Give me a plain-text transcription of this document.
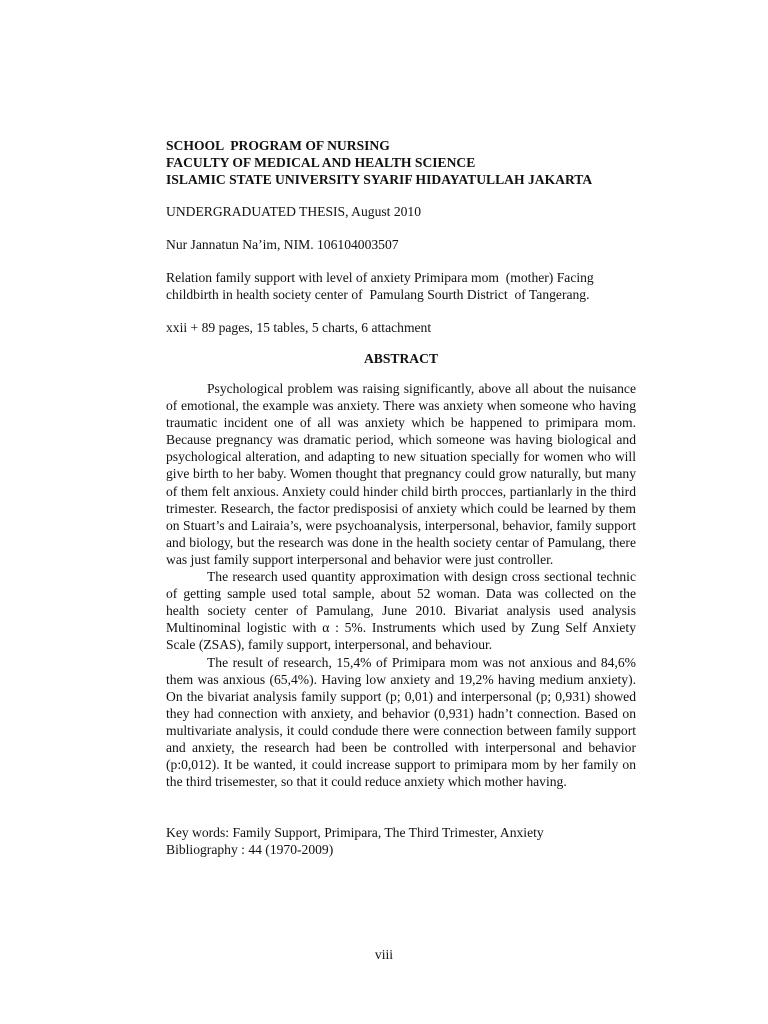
SCHOOL  PROGRAM OF NURSING
FACULTY OF MEDICAL AND HEALTH SCIENCE
ISLAMIC STATE UNIVERSITY SYARIF HIDAYATULLAH JAKARTA
UNDERGRADUATED THESIS, August 2010
Nur Jannatun Na’im, NIM. 106104003507
Relation family support with level of anxiety Primipara mom  (mother) Facing childbirth in health society center of  Pamulang Sourth District  of Tangerang.
xxii + 89 pages, 15 tables, 5 charts, 6 attachment
ABSTRACT

Psychological problem was raising significantly, above all about the nuisance of emotional, the example was anxiety. There was anxiety when someone who having traumatic incident one of all was anxiety which be happened to primipara mom. Because pregnancy was dramatic period, which someone was having biological and psychological alteration, and adapting to new situation specially for women who will give birth to her baby. Women thought that pregnancy could grow naturally, but many of them felt anxious. Anxiety could hinder child birth procces, partianlarly in the third trimester. Research, the factor predisposisi of anxiety which could be learned by them on Stuart’s and Lairaia’s, were psychoanalysis, interpersonal, behavior, family support and biology, but the research was done in the health society centar of Pamulang, there was just family support interpersonal and behavior were just controller.

The research used quantity approximation with design cross sectional technic of getting sample used total sample, about 52 woman. Data was collected on the health society center of Pamulang, June 2010. Bivariat analysis used analysis Multinominal logistic with α : 5%. Instruments which used by Zung Self Anxiety Scale (ZSAS), family support, interpersonal, and behaviour.

The result of research, 15,4% of Primipara mom was not anxious and 84,6% them was anxious (65,4%). Having low anxiety and 19,2% having medium anxiety). On the bivariat analysis family support (p; 0,01) and interpersonal (p; 0,931) showed they had connection with anxiety, and behavior (0,931) hadn’t connection. Based on multivariate analysis, it could condude there were connection between family support and anxiety, the research had been be controlled with interpersonal and behavior (p:0,012). It be wanted, it could increase support to primipara mom by her family on the third trisemester, so that it could reduce anxiety which mother having.

Key words: Family Support, Primipara, The Third Trimester, Anxiety
Bibliography : 44 (1970-2009)
viii
